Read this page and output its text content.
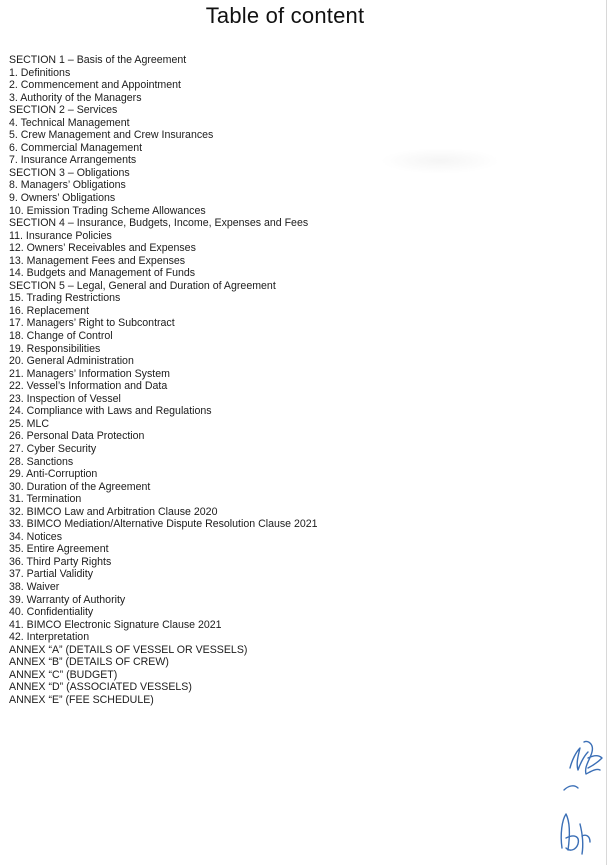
Table of content
SECTION 1 – Basis of the Agreement
1. Definitions
2. Commencement and Appointment
3. Authority of the Managers
SECTION 2 – Services
4. Technical Management
5. Crew Management and Crew Insurances
6. Commercial Management
7. Insurance Arrangements
SECTION 3 – Obligations
8. Managers’ Obligations
9. Owners’ Obligations
10. Emission Trading Scheme Allowances
SECTION 4 – Insurance, Budgets, Income, Expenses and Fees
11. Insurance Policies
12. Owners’ Receivables and Expenses
13. Management Fees and Expenses
14. Budgets and Management of Funds
SECTION 5 – Legal, General and Duration of Agreement
15. Trading Restrictions
16. Replacement
17. Managers’ Right to Subcontract
18. Change of Control
19. Responsibilities
20. General Administration
21. Managers’ Information System
22. Vessel’s Information and Data
23. Inspection of Vessel
24. Compliance with Laws and Regulations
25. MLC
26. Personal Data Protection
27. Cyber Security
28. Sanctions
29. Anti-Corruption
30. Duration of the Agreement
31. Termination
32. BIMCO Law and Arbitration Clause 2020
33. BIMCO Mediation/Alternative Dispute Resolution Clause 2021
34. Notices
35. Entire Agreement
36. Third Party Rights
37. Partial Validity
38. Waiver
39. Warranty of Authority
40. Confidentiality
41. BIMCO Electronic Signature Clause 2021
42. Interpretation
ANNEX “A” (DETAILS OF VESSEL OR VESSELS)
ANNEX “B” (DETAILS OF CREW)
ANNEX “C” (BUDGET)
ANNEX “D” (ASSOCIATED VESSELS)
ANNEX “E” (FEE SCHEDULE)
